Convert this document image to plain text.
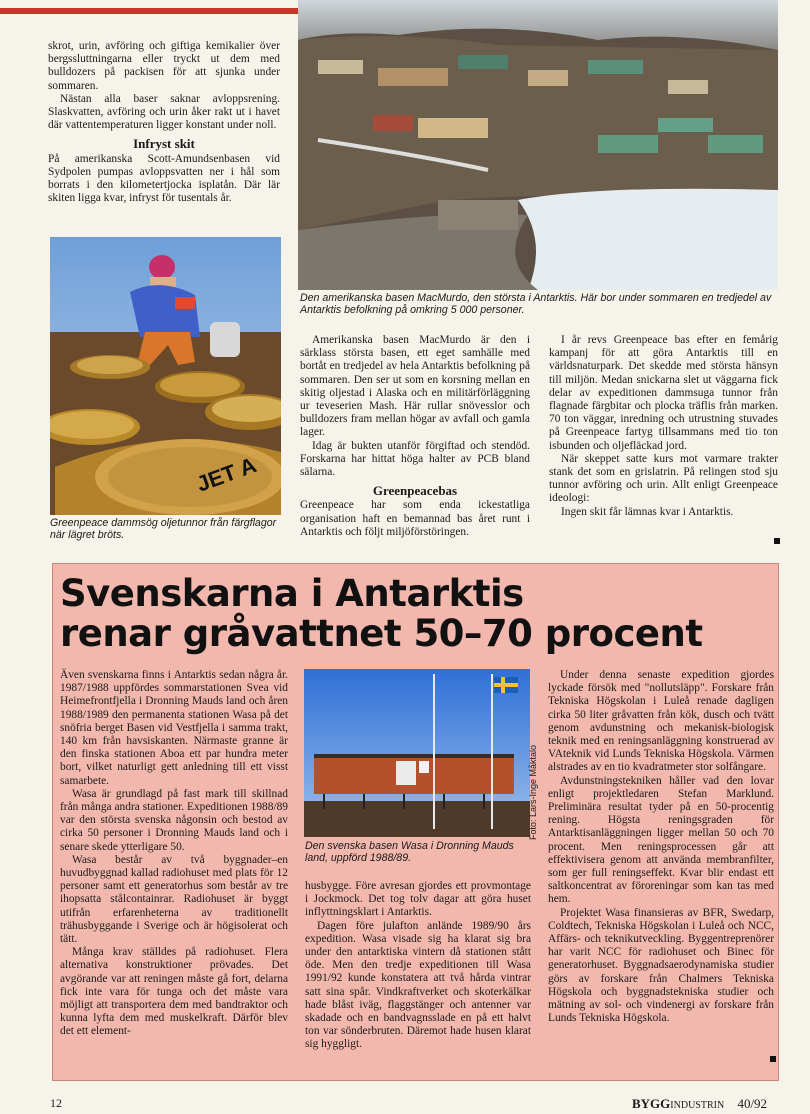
skrot, urin, avföring och giftiga kemikalier över bergssluttningarna eller tryckt ut dem med bulldozers på packisen för att sjunka under sommaren.

Nästan alla baser saknar avloppsrening. Slaskvatten, avföring och urin åker rakt ut i havet där vattentemperaturen ligger konstant under noll.

Infryst skit

På amerikanska Scott-Amundsenbasen vid Sydpolen pumpas avloppsvatten ner i hål som borrats i den kilometertjocka isplatån. Där lär skiten ligga kvar, infryst för tusentals år.

JET A
Greenpeace dammsög oljetunnor från färgflagor när lägret bröts.
Den amerikanska basen MacMurdo, den största i Antarktis. Här bor under sommaren en tredjedel av Antarktis befolkning på omkring 5 000 personer.

Amerikanska basen MacMurdo är den i särklass största basen, ett eget samhälle med bortåt en tredjedel av hela Antarktis befolkning på sommaren. Den ser ut som en korsning mellan en skitig oljestad i Alaska och en militärförläggning ur teveserien Mash. Här rullar snövesslor och bulldozers fram mellan högar av avfall och gamla lager.

Idag är bukten utanför förgiftad och stendöd. Forskarna har hittat höga halter av PCB bland sälarna.

Greenpeacebas

Greenpeace har som enda ickestatliga organisation haft en bemannad bas året runt i Antarktis och följt miljöförstöringen.

I år revs Greenpeace bas efter en femårig kampanj för att göra Antarktis till en världsnaturpark. Det skedde med största hänsyn till miljön. Medan snickarna slet ut väggarna fick delar av expeditionen dammsuga tunnor från flagnade färgbitar och plocka träflis från marken. 70 ton väggar, inredning och utrustning stuvades på Greenpeace fartyg tillsammans med tio ton isbunden och oljefläckad jord.

När skeppet satte kurs mot varmare trakter stank det som en grislatrin. På relingen stod sju tunnor avföring och urin. Allt enligt Greenpeace ideologi:

Ingen skit får lämnas kvar i Antarktis.

Svenskarna i Antarktis
renar gråvattnet 50–70 procent

Även svenskarna finns i Antarktis sedan några år. 1987/1988 uppfördes sommarstationen Svea vid Heimefrontfjella i Dronning Mauds land och åren 1988/1989 den permanenta stationen Wasa på det snöfria berget Basen vid Vestfjella i samma trakt, 140 km från havsiskanten. Närmaste granne är den finska stationen Aboa ett par hundra meter bort, vilket naturligt gett anledning till ett visst samarbete.

Wasa är grundlagd på fast mark till skillnad från många andra stationer. Expeditionen 1988/89 var den största svenska någonsin och bestod av cirka 50 personer i Dronning Mauds land och i senare skede ytterligare 50.

Wasa består av två byggnader–en huvudbyggnad kallad radiohuset med plats för 12 personer samt ett generatorhus som består av tre ihopsatta stålcontainrar. Radiohuset är byggt utifrån erfarenheterna av traditionellt trähusbyggande i Sverige och är högisolerat och tätt.

Många krav ställdes på radiohuset. Flera alternativa konstruktioner prövades. Det avgörande var att reningen måste gå fort, delarna fick inte vara för tunga och det måste vara möjligt att transportera dem med bandtraktor och kunna lyfta dem med muskelkraft. Därför blev det ett element-

Foto: Lars-Inge Måktalo
Den svenska basen Wasa i Dronning Mauds land, uppförd 1988/89.

husbygge. Före avresan gjordes ett provmontage i Jockmock. Det tog tolv dagar att göra huset inflyttningsklart i Antarktis.

Dagen före julafton anlände 1989/90 års expedition. Wasa visade sig ha klarat sig bra under den antarktiska vintern då stationen stått öde. Men den tredje expeditionen till Wasa 1991/92 kunde konstatera att två hårda vintrar satt sina spår. Vindkraftverket och skoterkälkar hade blåst iväg, flaggstänger och antenner var skadade och en bandvagnsslade en på ett halvt ton var sönderbruten. Däremot hade husen klarat sig hyggligt.

Under denna senaste expedition gjordes lyckade försök med "nollutsläpp". Forskare från Tekniska Högskolan i Luleå renade dagligen cirka 50 liter gråvatten från kök, dusch och tvätt genom avdunstning och mekanisk-biologisk teknik med en reningsanläggning konstruerad av VAteknik vid Lunds Tekniska Högskola. Värmen alstrades av en tio kvadratmeter stor solfångare.

Avdunstningstekniken håller vad den lovar enligt projektledaren Stefan Marklund. Preliminära resultat tyder på en 50-procentig rening. Högsta reningsgraden för Antarktisanläggningen ligger mellan 50 och 70 procent. Men reningsprocessen går att effektivisera genom att använda membranfilter, som ger full reningseffekt. Kvar blir endast ett saltkoncentrat av föroreningar som kan tas med hem.

Projektet Wasa finansieras av BFR, Swedarp, Coldtech, Tekniska Högskolan i Luleå och NCC, Affärs- och teknikutveckling. Byggentreprenörer har varit NCC för radiohuset och Binec för generatorhuset. Byggnadsaerodynamiska studier görs av forskare från Chalmers Tekniska Högskola och byggnadstekniska studier och mätning av sol- och vindenergi av forskare från Lunds Tekniska Högskola.

12	BYGGINDUSTRIN 40/92
